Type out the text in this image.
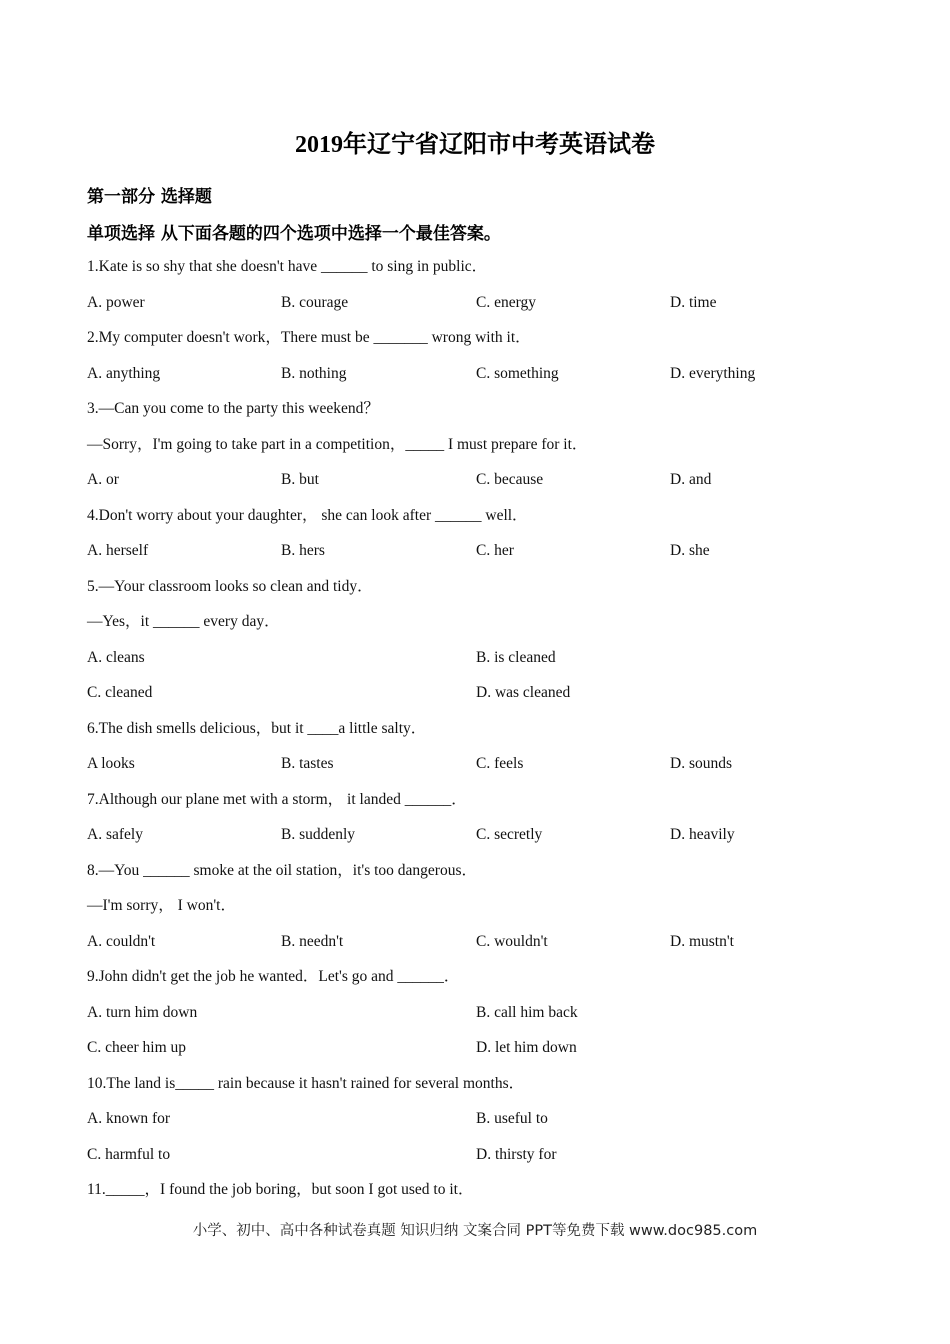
2019年辽宁省辽阳市中考英语试卷
第一部分 选择题
单项选择 从下面各题的四个选项中选择一个最佳答案。
1.Kate is so shy that she doesn't have ______ to sing in public．
A. power	B. courage	C. energy	D. time
2.My computer doesn't work，There must be _______ wrong with it．
A. anything	B. nothing	C. something	D. everything
3.—Can you come to the party this weekend？
—Sorry，I'm going to take part in a competition，_____ I must prepare for it．
A. or	B. but	C. because	D. and
4.Don't worry about your daughter， she can look after ______ well．
A. herself	B. hers	C. her	D. she
5.—Your classroom looks so clean and tidy．
—Yes，it ______ every day．
A. cleans	B. is cleaned
C. cleaned	D. was cleaned
6.The dish smells delicious，but it ____a little salty．
A looks	B. tastes	C. feels	D. sounds
7.Although our plane met with a storm， it landed ______．
A. safely	B. suddenly	C. secretly	D. heavily
8.—You ______ smoke at the oil station，it's too dangerous．
—I'm sorry， I won't．
A. couldn't	B. needn't	C. wouldn't	D. mustn't
9.John didn't get the job he wanted．Let's go and ______．
A. turn him down	B. call him back
C. cheer him up	D. let him down
10.The land is_____ rain because it hasn't rained for several months．
A. known for	B. useful to
C. harmful to	D. thirsty for
11._____，I found the job boring，but soon I got used to it．
小学、初中、高中各种试卷真题 知识归纳 文案合同 PPT等免费下载 www.doc985.com
